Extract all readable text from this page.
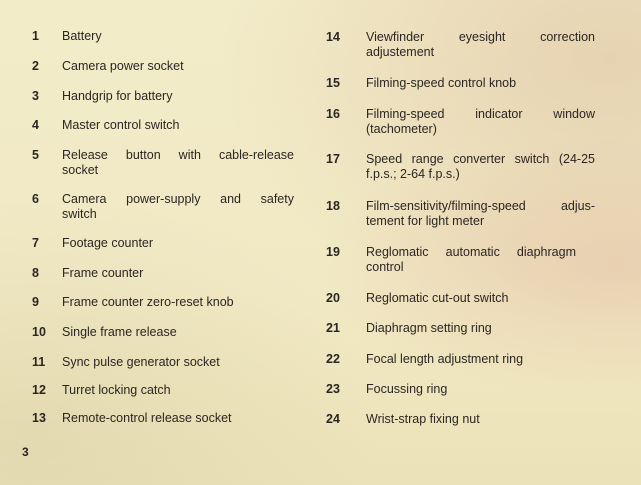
1	Battery
2	Camera power socket
3	Handgrip for battery
4	Master control switch
5	Release button with cable-release
socket
6	Camera power-supply and safety
switch
7	Footage counter
8	Frame counter
9	Frame counter zero-reset knob
10	Single frame release
11	Sync pulse generator socket
12	Turret locking catch
13	Remote-control release socket
14	Viewfinder eyesight correction
adjustement
15	Filming-speed control knob
16	Filming-speed indicator window
(tachometer)
17	Speed range converter switch (24-25
f.p.s.; 2-64 f.p.s.)
18	Film-sensitivity/filming-speed adjus-
tement for light meter
19	Reglomatic automatic diaphragm
control
20	Reglomatic cut-out switch
21	Diaphragm setting ring
22	Focal length adjustment ring
23	Focussing ring
24	Wrist-strap fixing nut
3
